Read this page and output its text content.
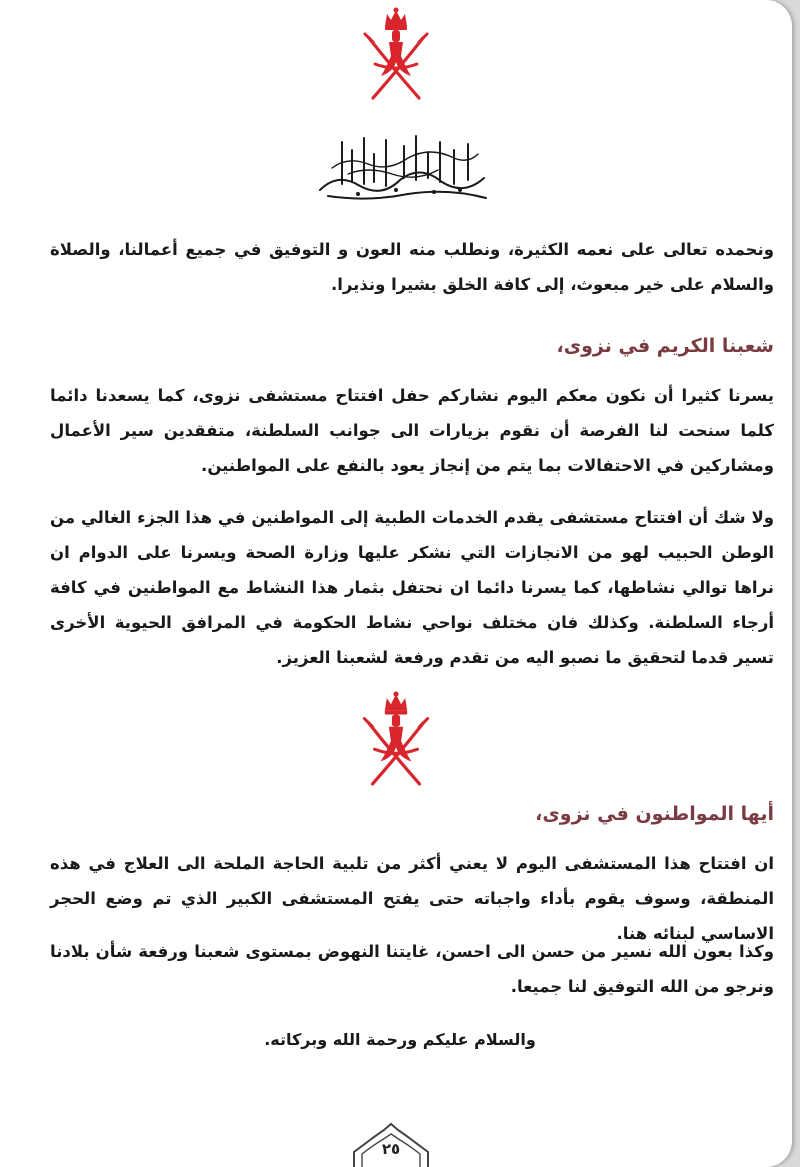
ونحمده تعالى على نعمه الكثيرة، ونطلب منه العون و التوفيق في جميع أعمالنا، والصلاة والسلام على خير مبعوث، إلى كافة الخلق بشيرا ونذيرا.

شعبنا الكريم في نزوى،

يسرنا كثيرا أن نكون معكم اليوم نشاركم حفل افتتاح مستشفى نزوى، كما يسعدنا دائما كلما سنحت لنا الفرصة أن نقوم بزيارات الى جوانب السلطنة، متفقدين سير الأعمال ومشاركين في الاحتفالات بما يتم من إنجاز يعود بالنفع على المواطنين.

ولا شك أن افتتاح مستشفى يقدم الخدمات الطبية إلى المواطنين في هذا الجزء الغالي من الوطن الحبيب لهو من الانجازات التي نشكر عليها وزارة الصحة ويسرنا على الدوام ان نراها توالي نشاطها، كما يسرنا دائما ان نحتفل بثمار هذا النشاط مع المواطنين في كافة أرجاء السلطنة. وكذلك فان مختلف نواحي نشاط الحكومة في المرافق الحيوية الأخرى تسير قدما لتحقيق ما نصبو اليه من تقدم ورفعة لشعبنا العزيز.

أيها المواطنون في نزوى،

ان افتتاح هذا المستشفى اليوم لا يعني أكثر من تلبية الحاجة الملحة الى العلاج في هذه المنطقة، وسوف يقوم بأداء واجباته حتى يفتح المستشفى الكبير الذي تم وضع الحجر الاساسي لبنائه هنا.

وكذا بعون الله نسير من حسن الى احسن، غايتنا النهوض بمستوى شعبنا ورفعة شأن بلادنا ونرجو من الله التوفيق لنا جميعا.

والسلام عليكم ورحمة الله وبركاته.
٢٥
